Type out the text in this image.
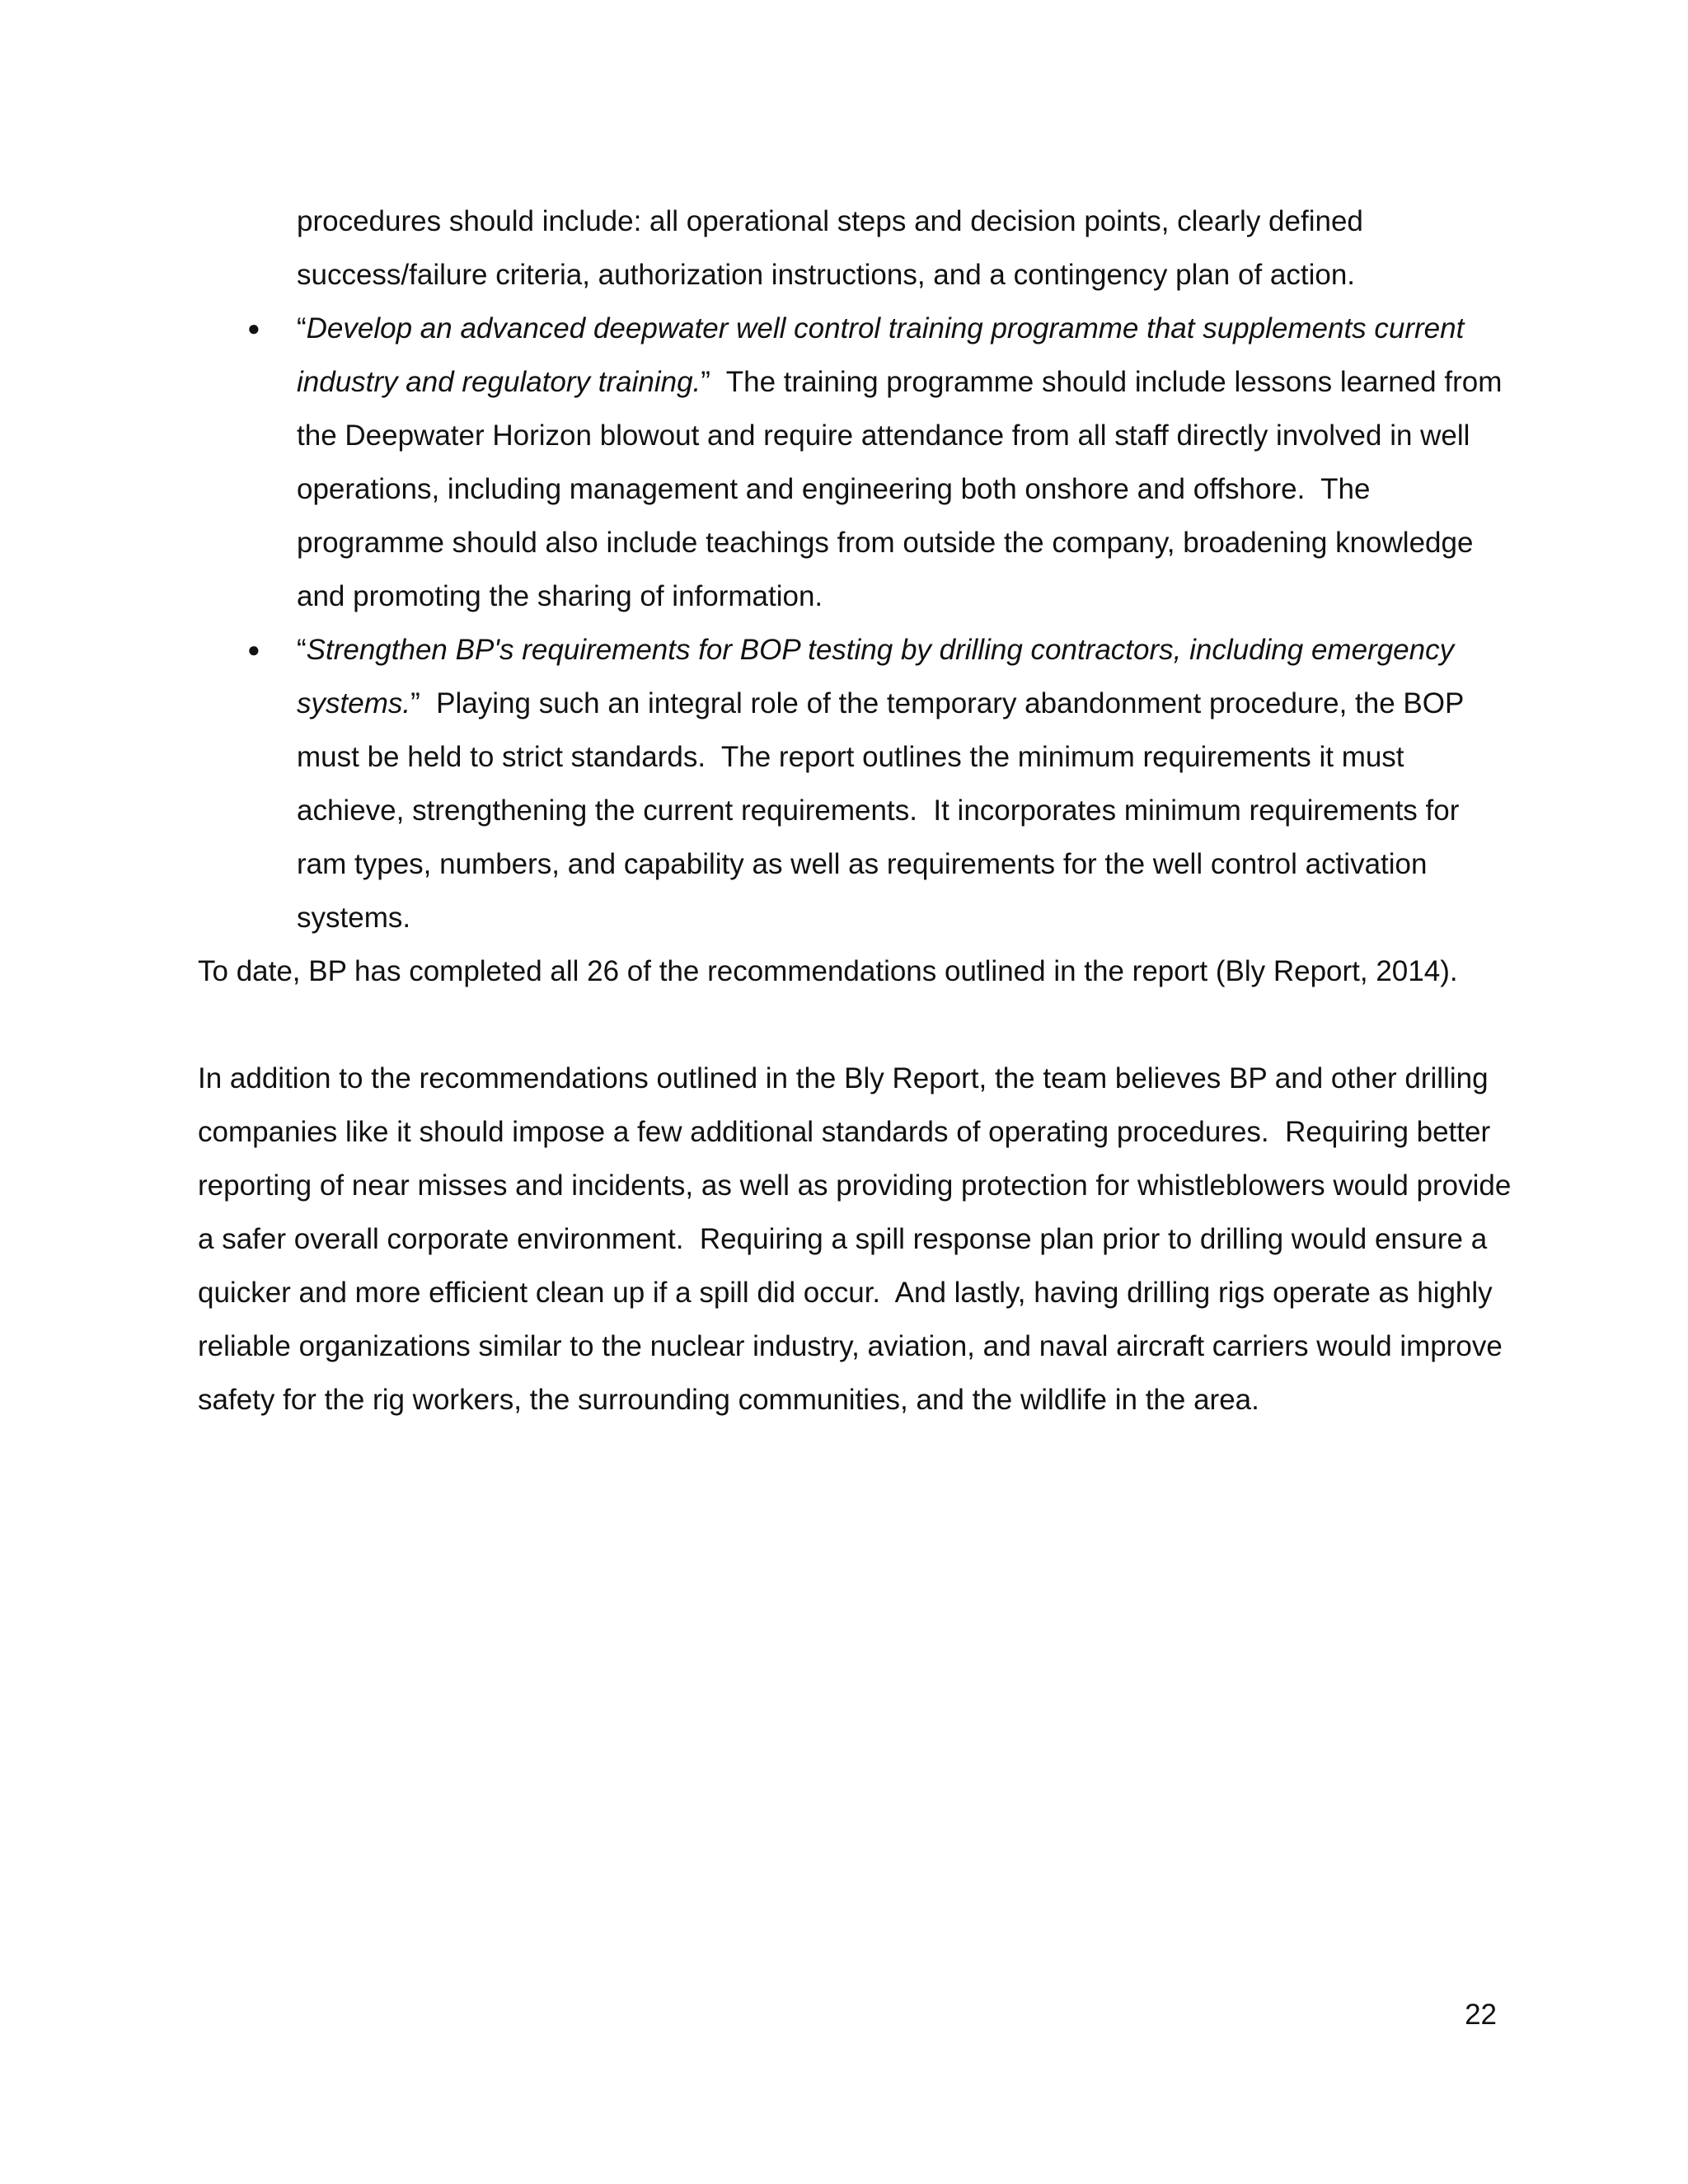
procedures should include: all operational steps and decision points, clearly defined success/failure criteria, authorization instructions, and a contingency plan of action.

● “Develop an advanced deepwater well control training programme that supplements current industry and regulatory training.”  The training programme should include lessons learned from the Deepwater Horizon blowout and require attendance from all staff directly involved in well operations, including management and engineering both onshore and offshore.  The programme should also include teachings from outside the company, broadening knowledge and promoting the sharing of information.
● “Strengthen BP's requirements for BOP testing by drilling contractors, including emergency systems.”  Playing such an integral role of the temporary abandonment procedure, the BOP must be held to strict standards.  The report outlines the minimum requirements it must achieve, strengthening the current requirements.  It incorporates minimum requirements for ram types, numbers, and capability as well as requirements for the well control activation systems.

To date, BP has completed all 26 of the recommendations outlined in the report (Bly Report, 2014).

In addition to the recommendations outlined in the Bly Report, the team believes BP and other drilling companies like it should impose a few additional standards of operating procedures.  Requiring better reporting of near misses and incidents, as well as providing protection for whistleblowers would provide a safer overall corporate environment.  Requiring a spill response plan prior to drilling would ensure a quicker and more efficient clean up if a spill did occur.  And lastly, having drilling rigs operate as highly reliable organizations similar to the nuclear industry, aviation, and naval aircraft carriers would improve safety for the rig workers, the surrounding communities, and the wildlife in the area.

22
